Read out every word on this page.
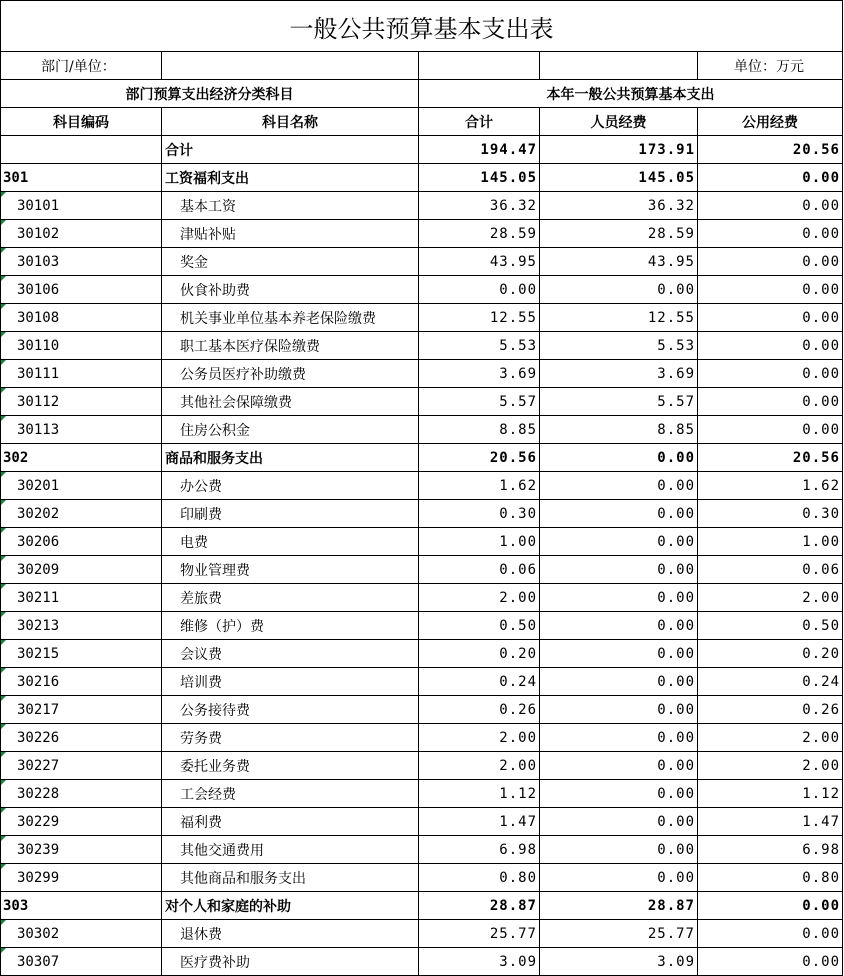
一般公共预算基本支出表				
部门/单位：				单位：万元
部门预算支出经济分类科目		本年一般公共预算基本支出		
科目编码	科目名称	合计	人员经费	公用经费
	合计	194.47	173.91	20.56
301	工资福利支出	145.05	145.05	0.00
30101	基本工资	36.32	36.32	0.00
30102	津贴补贴	28.59	28.59	0.00
30103	奖金	43.95	43.95	0.00
30106	伙食补助费	0.00	0.00	0.00
30108	机关事业单位基本养老保险缴费	12.55	12.55	0.00
30110	职工基本医疗保险缴费	5.53	5.53	0.00
30111	公务员医疗补助缴费	3.69	3.69	0.00
30112	其他社会保障缴费	5.57	5.57	0.00
30113	住房公积金	8.85	8.85	0.00
302	商品和服务支出	20.56	0.00	20.56
30201	办公费	1.62	0.00	1.62
30202	印刷费	0.30	0.00	0.30
30206	电费	1.00	0.00	1.00
30209	物业管理费	0.06	0.00	0.06
30211	差旅费	2.00	0.00	2.00
30213	维修（护）费	0.50	0.00	0.50
30215	会议费	0.20	0.00	0.20
30216	培训费	0.24	0.00	0.24
30217	公务接待费	0.26	0.00	0.26
30226	劳务费	2.00	0.00	2.00
30227	委托业务费	2.00	0.00	2.00
30228	工会经费	1.12	0.00	1.12
30229	福利费	1.47	0.00	1.47
30239	其他交通费用	6.98	0.00	6.98
30299	其他商品和服务支出	0.80	0.00	0.80
303	对个人和家庭的补助	28.87	28.87	0.00
30302	退休费	25.77	25.77	0.00
30307	医疗费补助	3.09	3.09	0.00
